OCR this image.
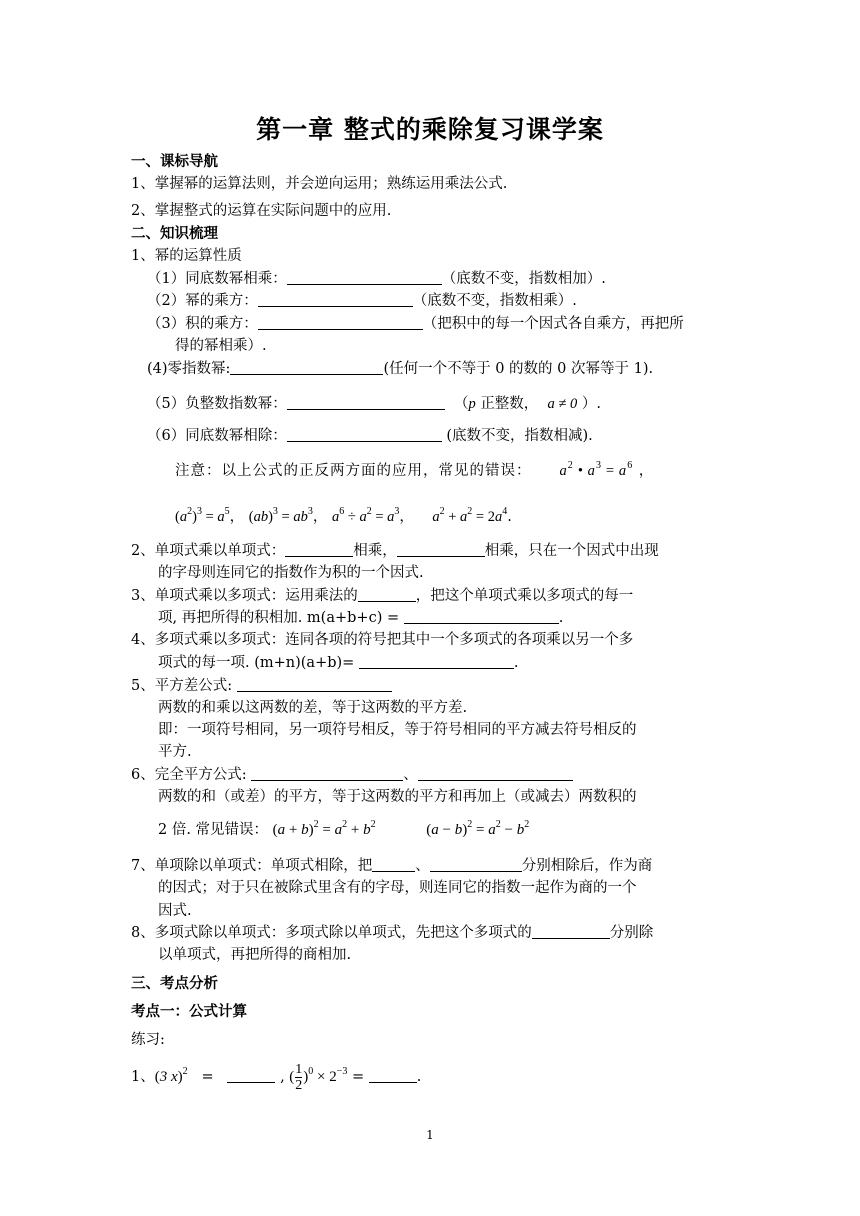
第一章 整式的乘除复习课学案
一、课标导航
1、掌握幂的运算法则，并会逆向运用；熟练运用乘法公式.
2、掌握整式的运算在实际问题中的应用.
二、知识梳理
1、幂的运算性质
（1）同底数幂相乘：	（底数不变，指数相加）.
（2）幂的乘方：	（底数不变，指数相乘）.
（3）积的乘方：	（把积中的每一个因式各自乘方，再把所
得的幂相乘）.
(4)零指数幂:	(任何一个不等于 0 的数的 0 次幂等于 1).
（5）负整数指数幂：	（p 正整数， a ≠ 0 ）.
（6）同底数幂相除：	(底数不变，指数相减).
注意：以上公式的正反两方面的应用，常见的错误： $a^2$ • $a^3 = a^6$ ，
$(a^2)^3 = a^5$， $(ab)^3 = ab^3$， $a^6 \div a^2 = a^3$，    $a^2 + a^2 = 2a^4$.
2、单项式乘以单项式：	相乘，	相乘，只在一个因式中出现
的字母则连同它的指数作为积的一个因式.
3、单项式乘以多项式：运用乘法的	，把这个单项式乘以多项式的每一
项, 再把所得的积相加. m(a+b+c) =	.
4、多项式乘以多项式：连同各项的符号把其中一个多项式的各项乘以另一个多
项式的每一项. (m+n)(a+b)=	.
5、平方差公式:
两数的和乘以这两数的差，等于这两数的平方差.
即：一项符号相同，另一项符号相反，等于符号相同的平方减去符号相反的
平方.
6、完全平方公式:	、
两数的和（或差）的平方，等于这两数的平方和再加上（或减去）两数积的
2 倍. 常见错误： $(a + b)^2 = a^2 + b^2$	$(a - b)^2 = a^2 - b^2$
7、单项除以单项式：单项式相除，把	、	分别相除后，作为商
的因式；对于只在被除式里含有的字母，则连同它的指数一起作为商的一个
因式.
8、多项式除以单项式：多项式除以单项式，先把这个多项式的	分别除
以单项式，再把所得的商相加.
三、考点分析
考点一：公式计算
练习:
1、(3 x)$^2$ =	, ( $\frac{1}{2} )^0 \times 2^{-3}$ =	.
1
